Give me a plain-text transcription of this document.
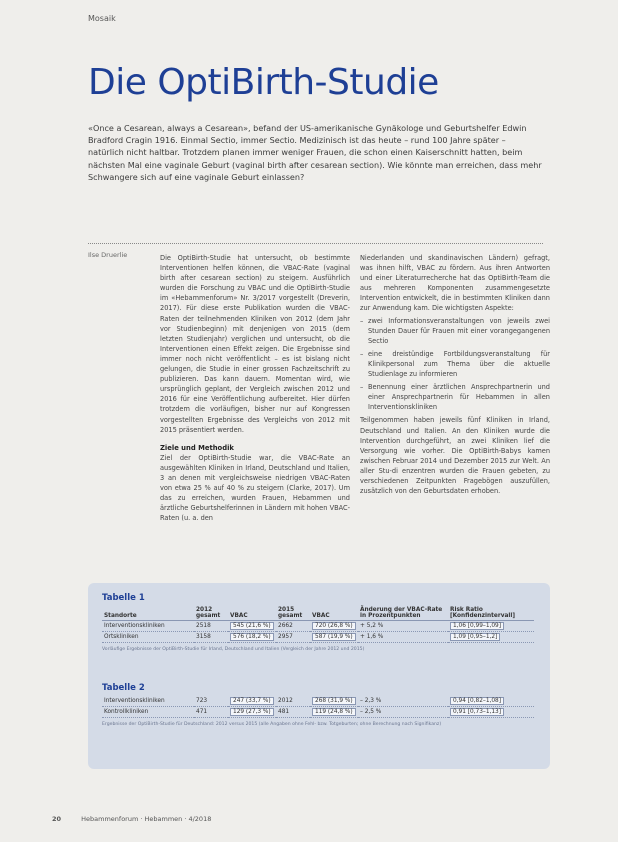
Mosaik
Die OptiBirth-Studie

«Once a Cesarean, always a Cesarean», befand der US-amerikanische Gynäkologe und Geburtshelfer Edwin Bradford Cragin 1916. Einmal Sectio, immer Sectio. Medizinisch ist das heute – rund 100 Jahre später – natürlich nicht haltbar. Trotzdem planen immer weniger Frauen, die schon einen Kaiserschnitt hatten, beim nächsten Mal eine vaginale Geburt (vaginal birth after cesarean section). Wie könnte man erreichen, dass mehr Schwangere sich auf eine vaginale Geburt einlassen?

Ilse Druerlie	Die OptiBirth-Studie hat untersucht, ob bestimmte Interventionen helfen können, die VBAC-Rate (vaginal birth after cesarean section) zu steigern. Ausführlich wurden die Forschung zu VBAC und die OptiBirth-Studie im «Hebammenforum» Nr. 3/2017 vorgestellt (Dreverin, 2017). Für diese erste Publikation wurden die VBAC-Raten der teilnehmenden Kliniken von 2012 (dem Jahr vor Studienbeginn) mit denjenigen von 2015 (dem letzten Studienjahr) verglichen und untersucht, ob die Interventionen einen Effekt zeigen. Die Ergebnisse sind immer noch nicht veröffentlicht – es ist bislang nicht gelungen, die Studie in einer grossen Fachzeitschrift zu publizieren. Das kann dauern. Momentan wird, wie ursprünglich geplant, der Vergleich zwischen 2012 und 2016 für eine Veröffentlichung aufbereitet. Hier dürfen trotzdem die vorläufigen, bisher nur auf Kongressen vorgestellten Ergebnisse des Vergleichs von 2012 mit 2015 präsentiert werden.

Ziele und Methodik

Ziel der OptiBirth-Studie war, die VBAC-Rate an ausgewählten Kliniken in Irland, Deutschland und Italien, 3 an denen mit vergleichsweise niedrigen VBAC-Raten von etwa 25 % auf 40 % zu steigern (Clarke, 2017). Um das zu erreichen, wurden Frauen, Hebammen und ärztliche Geburtshelferinnen in Ländern mit hohen VBAC-Raten (u. a. den

Niederlanden und skandinavischen Ländern) gefragt, was ihnen hilft, VBAC zu fördern. Aus ihren Antworten und einer Literaturrecherche hat das OptiBirth-Team die aus mehreren Komponenten zusammengesetzte Intervention entwickelt, die in bestimmten Kliniken dann zur Anwendung kam. Die wichtigsten Aspekte:

– zwei Informationsveranstaltungen von jeweils zwei Stunden Dauer für Frauen mit einer vorangegangenen Sectio
– eine dreistündige Fortbildungsveranstaltung für Klinikpersonal zum Thema über die aktuelle Studienlage zu informieren
– Benennung einer ärztlichen Ansprechpartnerin und einer Ansprechpartnerin für Hebammen in allen Interventionskliniken

Teilgenommen haben jeweils fünf Kliniken in Irland, Deutschland und Italien. An den Kliniken wurde die Intervention durchgeführt, an zwei Kliniken lief die Versorgung wie vorher. Die OptiBirth-Babys kamen zwischen Februar 2014 und Dezember 2015 zur Welt. An aller Stu-di enzentren wurden die Frauen gebeten, zu verschiedenen Zeitpunkten Fragebögen auszufüllen, zusätzlich von den Geburtsdaten erhoben.

Tabelle 1
Standorte	2012 gesamt	VBAC	2015 gesamt	VBAC	Änderung der VBAC-Rate in Prozentpunkten	Risk Ratio [Konfidenzintervall]
Interventionskliniken	2518	545 (21,6 %)	2662	720 (26,8 %)	+ 5,2 %	1,06 [0,99–1,09]
Ortskliniken	3158	576 (18,2 %)	2957	587 (19,9 %)	+ 1,6 %	1,09 [0,95–1,2]
Vorläufige Ergebnisse der OptiBirth-Studie für Irland, Deutschland und Italien (Vergleich der Jahre 2012 und 2015)
Tabelle 2
Interventionskliniken	723	247 (33,7 %)	2012	268 (31,9 %)	– 2,3 %	0,94 [0,82–1,08]
Kontrollkliniken	471	129 (27,3 %)	481	119 (24,8 %)	– 2,5 %	0,91 [0,73–1,13]
Ergebnisse der OptiBirth-Studie für Deutschland: 2012 versus 2015 (alle Angaben ohne Fehl- bzw. Totgeburten; ohne Berechnung nach Signifikanz)
20	Hebammenforum · Hebammen · 4/2018
